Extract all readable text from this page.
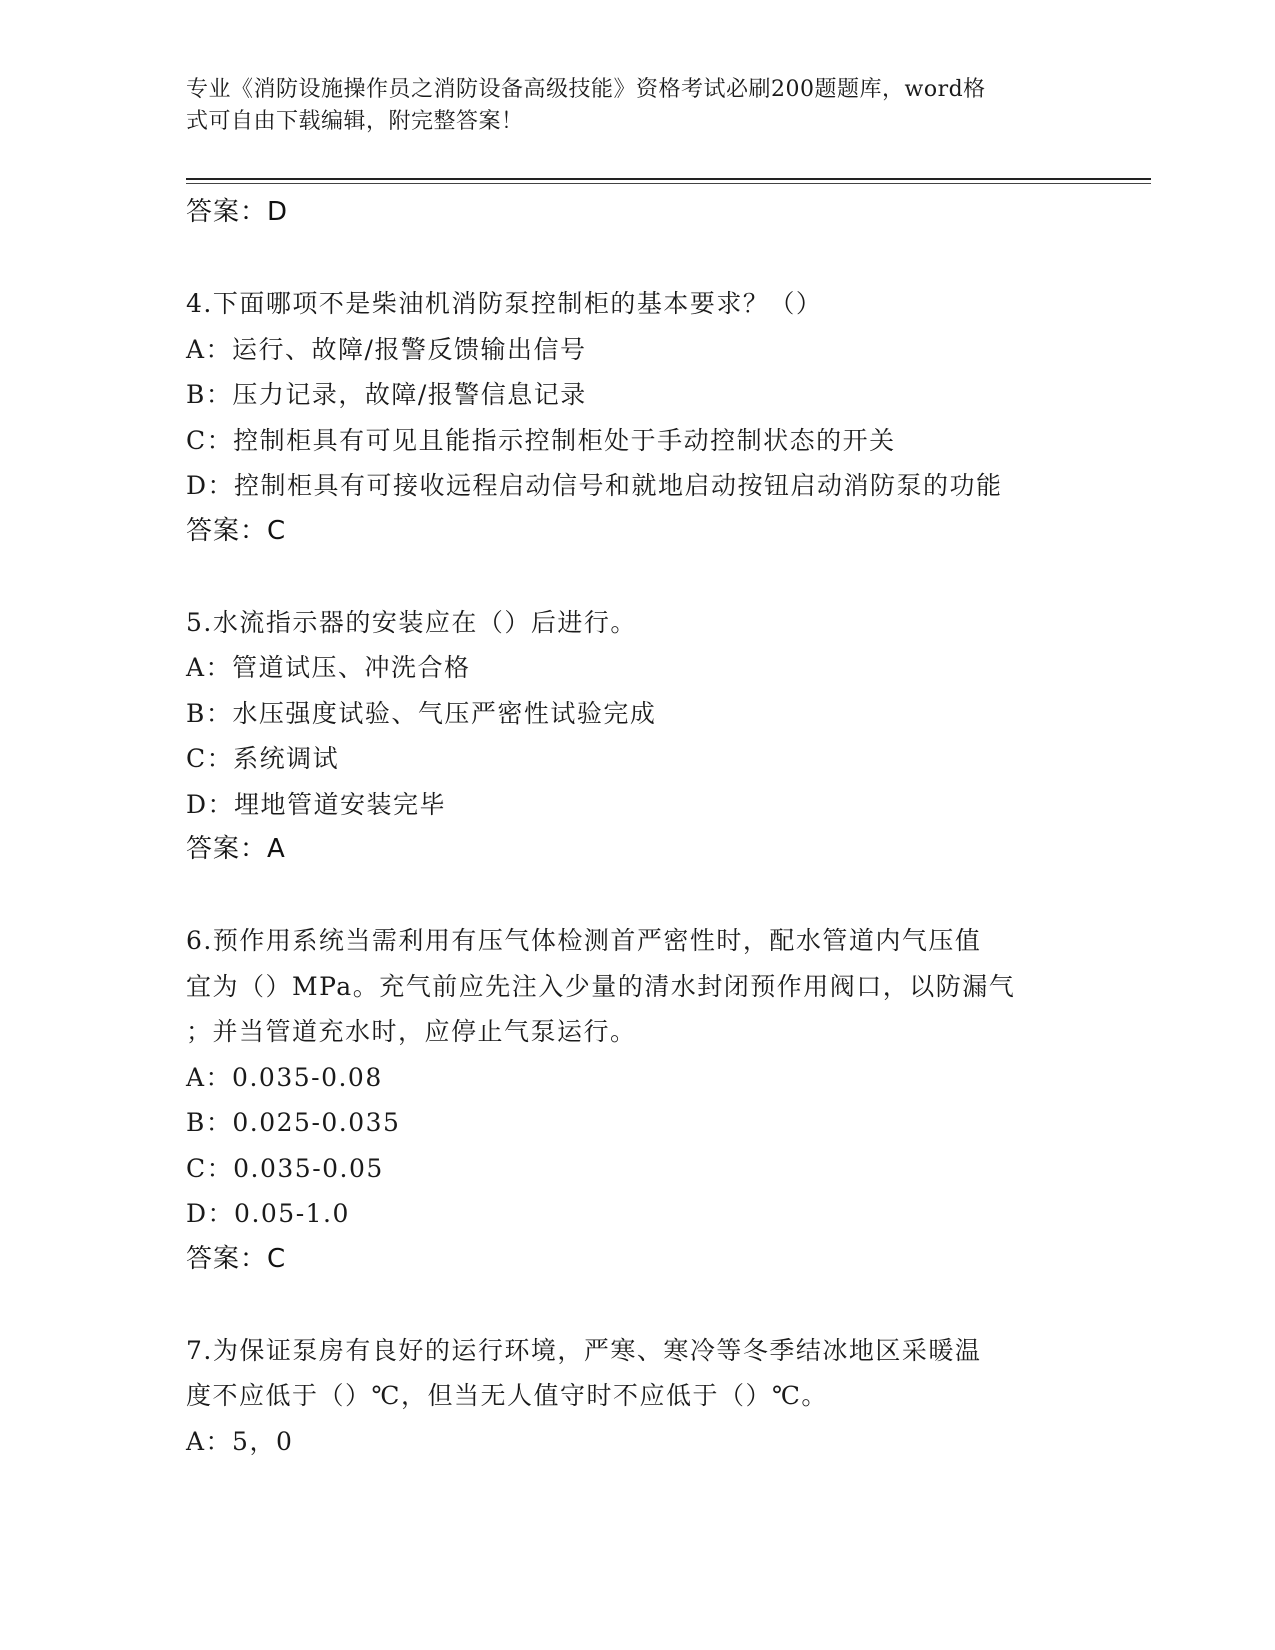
专业《消防设施操作员之消防设备高级技能》资格考试必刷200题题库，word格
式可自由下载编辑，附完整答案！
答案：D
4.下面哪项不是柴油机消防泵控制柜的基本要求？（）
A：运行、故障/报警反馈输出信号
B：压力记录，故障/报警信息记录
C：控制柜具有可见且能指示控制柜处于手动控制状态的开关
D：控制柜具有可接收远程启动信号和就地启动按钮启动消防泵的功能
答案：C
5.水流指示器的安装应在（）后进行。
A：管道试压、冲洗合格
B：水压强度试验、气压严密性试验完成
C：系统调试
D：埋地管道安装完毕
答案：A
6.预作用系统当需利用有压气体检测首严密性时，配水管道内气压值
宜为（）MPa。充气前应先注入少量的清水封闭预作用阀口，以防漏气
；并当管道充水时，应停止气泵运行。
A：0.035-0.08
B：0.025-0.035
C：0.035-0.05
D：0.05-1.0
答案：C
7.为保证泵房有良好的运行环境，严寒、寒冷等冬季结冰地区采暖温
度不应低于（）℃，但当无人值守时不应低于（）℃。
A：5，0
